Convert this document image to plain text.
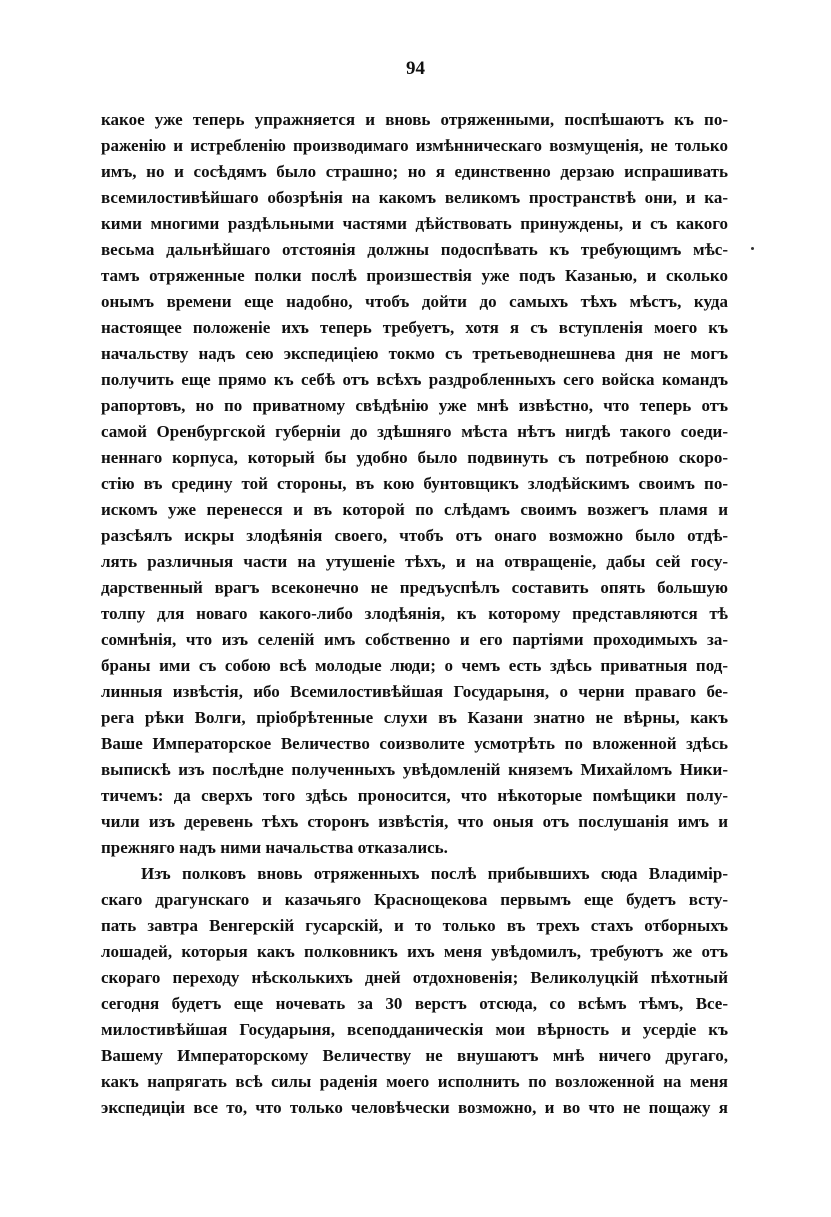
94
какое уже теперь упражняется и вновь отряженными, поспѣшаютъ къ по-
раженію и истребленію производимаго измѣнническаго возмущенія, не только
имъ, но и сосѣдямъ было страшно; но я единственно дерзаю испрашивать
всемилостивѣйшаго обозрѣнія на какомъ великомъ пространствѣ они, и ка-
кими многими раздѣльными частями дѣйствовать принуждены, и съ какого
весьма дальнѣйшаго отстоянія должны подоспѣвать къ требующимъ мѣс-
тамъ отряженные полки послѣ произшествія уже подъ Казанью, и сколько
онымъ времени еще надобно, чтобъ дойти до самыхъ тѣхъ мѣстъ, куда
настоящее положеніе ихъ теперь требуетъ, хотя я съ вступленія моего къ
начальству надъ сею экспедиціею токмо съ третьеводнешнева дня не могъ
получить еще прямо къ себѣ отъ всѣхъ раздробленныхъ сего войска командъ
рапортовъ, но по приватному свѣдѣнію уже мнѣ извѣстно, что теперь отъ
самой Оренбургской губерніи до здѣшняго мѣста нѣтъ нигдѣ такого соеди-
неннаго корпуса, который бы удобно было подвинуть съ потребною скоро-
стію въ средину той стороны, въ кою бунтовщикъ злодѣйскимъ своимъ по-
искомъ уже перенесся и въ которой по слѣдамъ своимъ возжегъ пламя и
разсѣялъ искры злодѣянія своего, чтобъ отъ онаго возможно было отдѣ-
лять различныя части на утушеніе тѣхъ, и на отвращеніе, дабы сей госу-
дарственный врагъ всеконечно не предъуспѣлъ составить опять большую
толпу для новаго какого-либо злодѣянія, къ которому представляются тѣ
сомнѣнія, что изъ селеній имъ собственно и его партіями проходимыхъ за-
браны ими съ собою всѣ молодые люди; о чемъ есть здѣсь приватныя под-
линныя извѣстія, ибо Всемилостивѣйшая Государыня, о черни праваго бе-
рега рѣки Волги, пріобрѣтенные слухи въ Казани знатно не вѣрны, какъ
Ваше Императорское Величество соизволите усмотрѣть по вложенной здѣсь
выпискѣ изъ послѣдне полученныхъ увѣдомленій княземъ Михайломъ Ники-
тичемъ: да сверхъ того здѣсь проносится, что нѣкоторые помѣщики полу-
чили изъ деревень тѣхъ сторонъ извѣстія, что оныя отъ послушанія имъ и
прежняго надъ ними начальства отказались.
Изъ полковъ вновь отряженныхъ послѣ прибывшихъ сюда Владимір-
скаго драгунскаго и казачьяго Краснощекова первымъ еще будетъ всту-
пать завтра Венгерскій гусарскій, и то только въ трехъ стахъ отборныхъ
лошадей, которыя какъ полковникъ ихъ меня увѣдомилъ, требуютъ же отъ
скораго переходу нѣсколькихъ дней отдохновенія; Великолуцкій пѣхотный
сегодня будетъ еще ночевать за 30 верстъ отсюда, со всѣмъ тѣмъ, Все-
милостивѣйшая Государыня, всеподданическія мои вѣрность и усердіе къ
Вашему Императорскому Величеству не внушаютъ мнѣ ничего другаго,
какъ напрягать всѣ силы раденія моего исполнить по возложенной на меня
экспедиціи все то, что только человѣчески возможно, и во что не пощажу я
